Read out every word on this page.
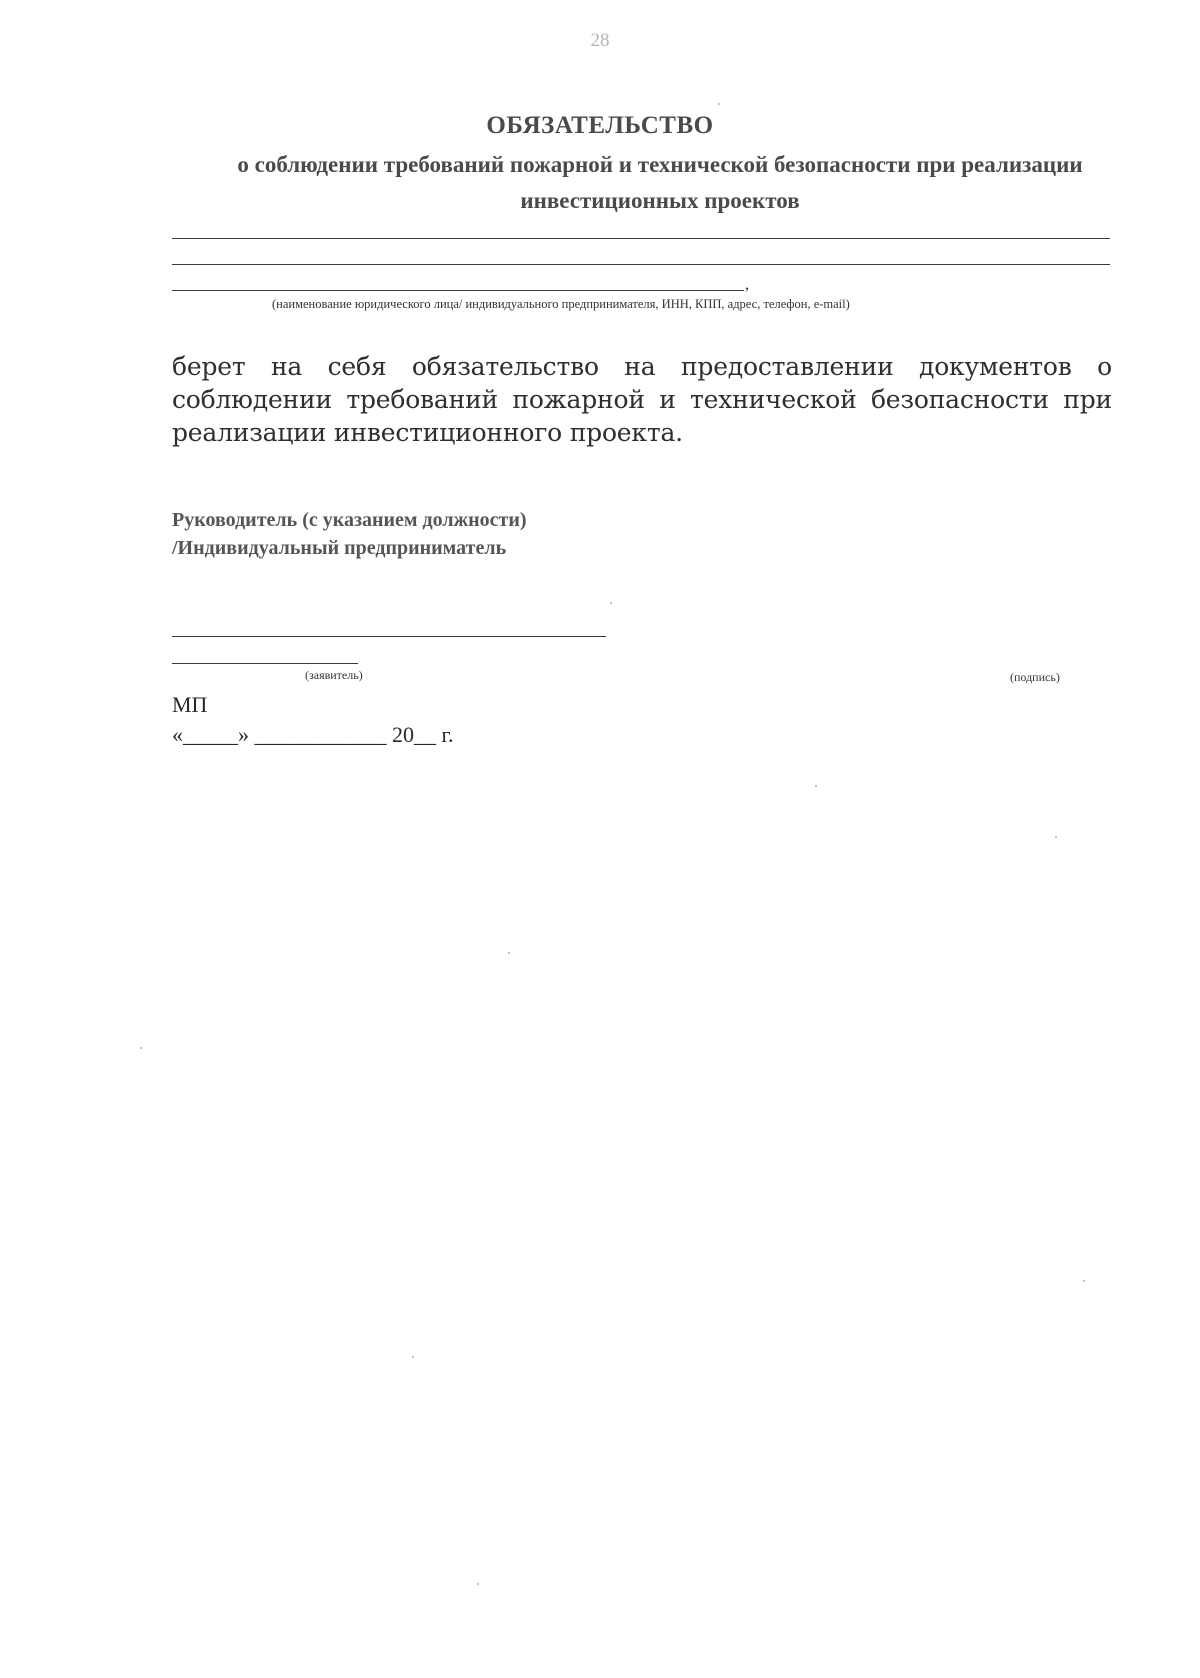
28
ОБЯЗАТЕЛЬСТВО
о соблюдении требований пожарной и технической безопасности при реализации инвестиционных проектов
,
(наименование юридического лица/ индивидуального предпринимателя, ИНН, КПП, адрес, телефон, e-mail)
берет на себя обязательство на предоставлении документов о соблюдении требований пожарной и технической безопасности при реализации инвестиционного проекта.
Руководитель (с указанием должности)
/Индивидуальный предприниматель
(заявитель)	(подпись)
МП
«_____» ____________ 20__ г.
